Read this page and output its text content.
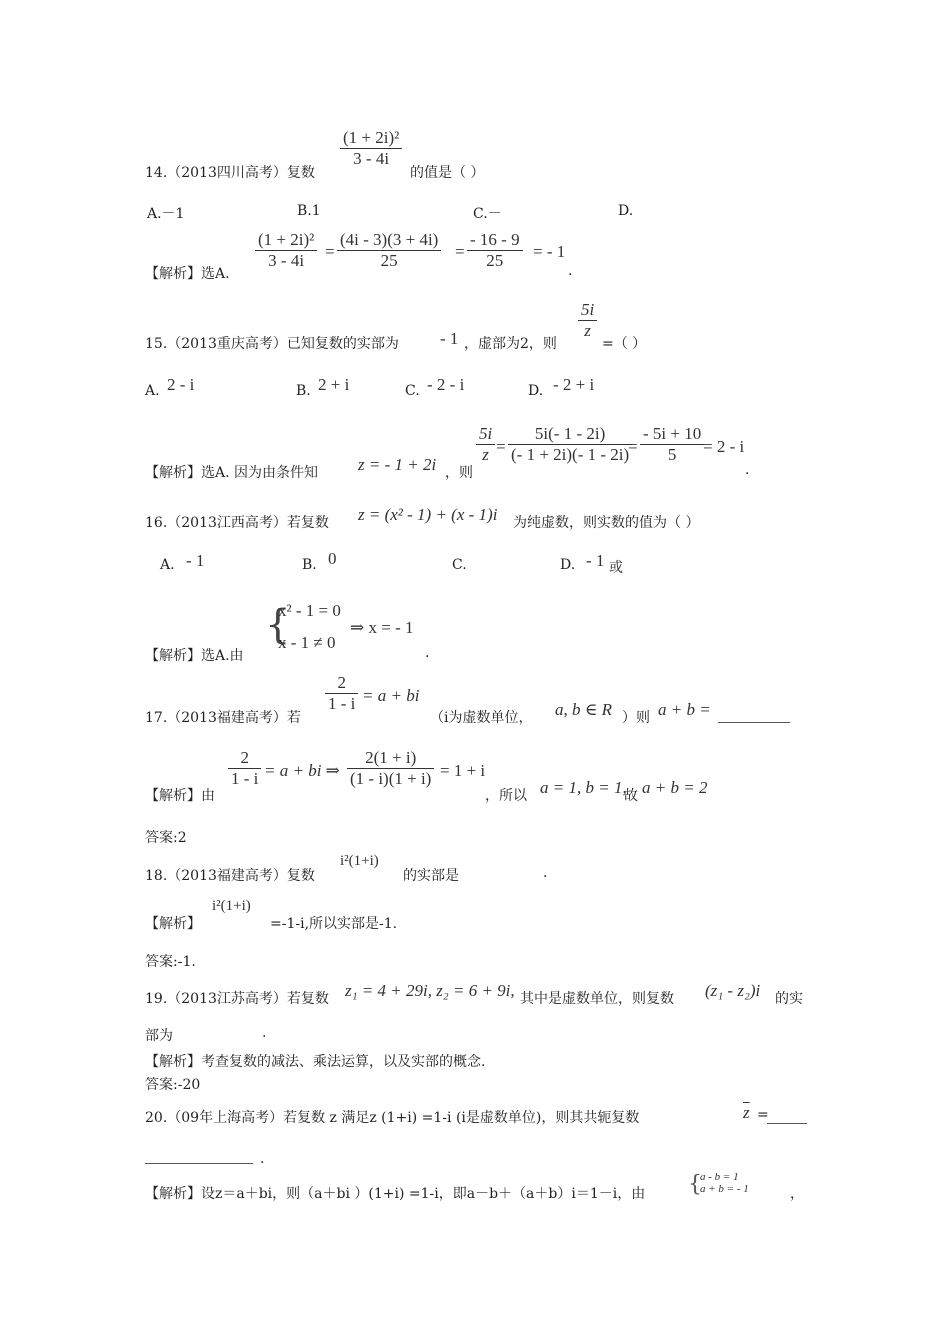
14.（2013四川高考）复数
$\frac{\text{(1 + 2i)²}}{3 - 4i}$
的值是（ ）
A.－1	B.1	C.－	D.
【解析】选A.
$\frac{\text{(1 + 2i)²}}{3 - 4i} = \frac{(4i - 3)(3 + 4i)}{25} = \frac{- 16 - 9}{25}$ = - 1
.
15.（2013重庆高考）已知复数的实部为 - 1 ，虚部为2，则
$\frac{5i}{z}$
=（ ）
A. 2 - i	B. 2 + i	C. - 2 - i	D. - 2 + i
【解析】选A. 因为由条件知 z = - 1 + 2i ，则
$\frac{5i}{z} = \frac{5i(- 1 - 2i)}{(- 1 + 2i)(- 1 - 2i)}$
= $\frac{- 5i + 10}{5}$
= 2 - i
.
16.（2013江西高考）若复数 z = (x² - 1) + (x - 1)i 为纯虚数，则实数的值为（ ）
A. - 1	B. 0	C.	D. - 1 或
【解析】选A.由
{
x² - 1 = 0
x - 1 ≠ 0
⇒ x = - 1
.
17.（2013福建高考）若
$\frac{2}{1 - i} = a$ + bi
（i为虚数单位， a, b ∈ R ）则 a + b =
【解析】由
$\frac{2}{1 - i} = a$ + bi ⇒ $\frac{2(1 + i)}{(1 - i)(1 + i)} = 1 + i$
，所以 a = 1, b = 1,
故 a + b = 2
答案:2
18.（2013福建高考）复数
i²(1+i)
的实部是	.
【解析】
i²(1+i)
=-1-i,所以实部是-1.
答案:-1.
19.（2013江苏高考）若复数 z₁ = 4 + 29i, z₂ = 6 + 9i, 其中是虚数单位，则复数 (z₁ - z₂)i 的实
部为	.
【解析】考查复数的减法、乘法运算，以及实部的概念.
答案:-20
20.（09年上海高考）若复数 z 满足z (1+i) =1-i (i是虚数单位)，则其共轭复数	$\overline{z}$ =
.
【解析】设z＝a＋bi，则（a＋bi ）(1+i) =1-i，即a－b＋（a＋b）i＝1－i，由 {
a - b = 1
a + b = - 1	，
